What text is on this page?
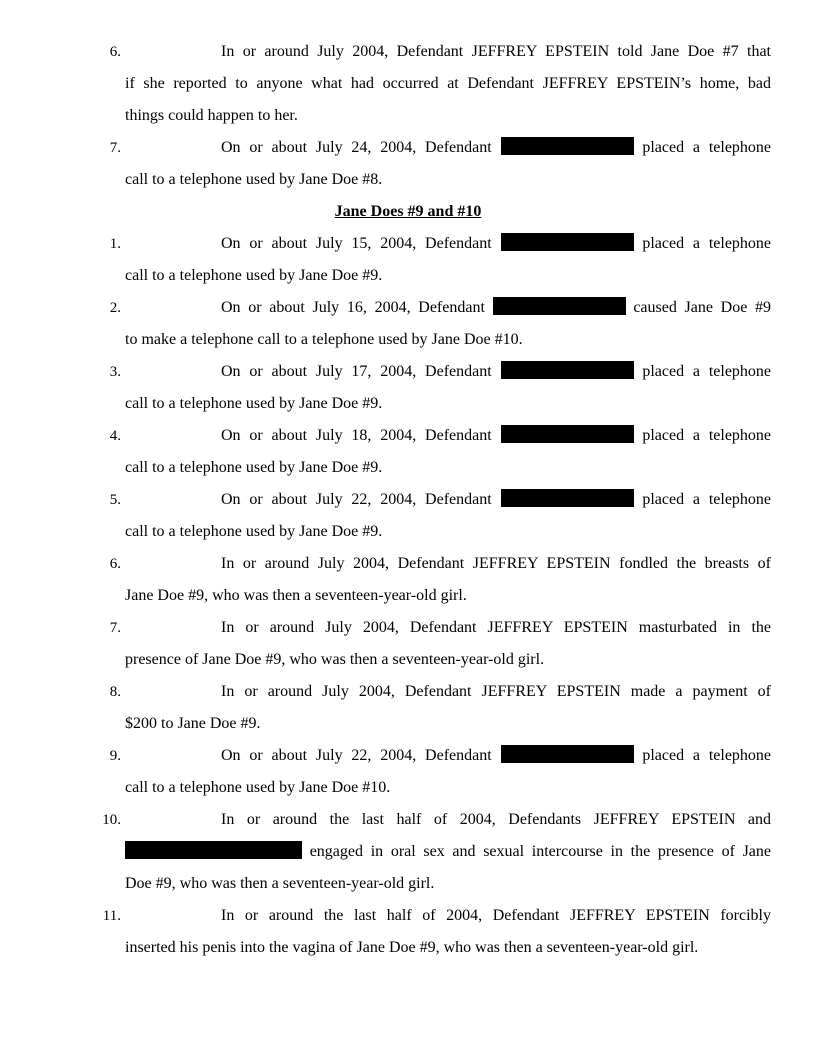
6.	In or around July 2004, Defendant JEFFREY EPSTEIN told Jane Doe #7 that
if she reported to anyone what had occurred at Defendant JEFFREY EPSTEIN’s home, bad
things could happen to her.
7.	On or about July 24, 2004, Defendant	placed a telephone
call to a telephone used by Jane Doe #8.
Jane Does #9 and #10
1.	On or about July 15, 2004, Defendant	placed a telephone
call to a telephone used by Jane Doe #9.
2.	On or about July 16, 2004, Defendant	caused Jane Doe #9
to make a telephone call to a telephone used by Jane Doe #10.
3.	On or about July 17, 2004, Defendant	placed a telephone
call to a telephone used by Jane Doe #9.
4.	On or about July 18, 2004, Defendant	placed a telephone
call to a telephone used by Jane Doe #9.
5.	On or about July 22, 2004, Defendant	placed a telephone
call to a telephone used by Jane Doe #9.
6.	In or around July 2004, Defendant JEFFREY EPSTEIN fondled the breasts of
Jane Doe #9, who was then a seventeen-year-old girl.
7.	In or around July 2004, Defendant JEFFREY EPSTEIN masturbated in the
presence of Jane Doe #9, who was then a seventeen-year-old girl.
8.	In or around July 2004, Defendant JEFFREY EPSTEIN made a payment of
$200 to Jane Doe #9.
9.	On or about July 22, 2004, Defendant	placed a telephone
call to a telephone used by Jane Doe #10.
10.	In or around the last half of 2004, Defendants JEFFREY EPSTEIN and
engaged in oral sex and sexual intercourse in the presence of Jane
Doe #9, who was then a seventeen-year-old girl.
11.	In or around the last half of 2004, Defendant JEFFREY EPSTEIN forcibly
inserted his penis into the vagina of Jane Doe #9, who was then a seventeen-year-old girl.
